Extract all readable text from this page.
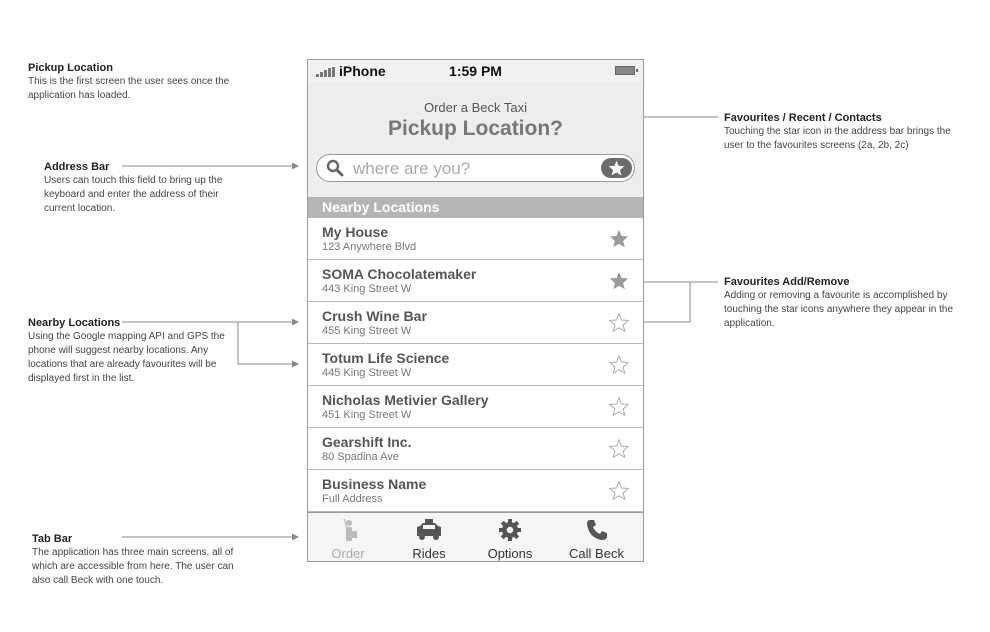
Pickup Location
This is the first screen the user sees once the application has loaded.
Address Bar
Users can touch this field to bring up the keyboard and enter the address of their current location.
Nearby Locations
Using the Google mapping API and GPS the phone will suggest nearby locations. Any locations that are already favourites will be displayed first in the list.
Tab Bar
The application has three main screens, all of which are accessible from here. The user can also call Beck with one touch.
Favourites / Recent / Contacts
Touching the star icon in the address bar brings the user to the favourites screens (2a, 2b, 2c)
Favourites Add/Remove
Adding or removing a favourite is accomplished by touching the star icons anywhere they appear in the application.
iPhone	1:59 PM
Order a Beck Taxi
Pickup Location?
where are you?
Nearby Locations
My House
123 Anywhere Blvd
SOMA Chocolatemaker
443 King Street W
Crush Wine Bar
455 King Street W
Totum Life Science
445 King Street W
Nicholas Metivier Gallery
451 King Street W
Gearshift Inc.
80 Spadina Ave
Business Name
Full Address
Order	Rides	Options	Call Beck
